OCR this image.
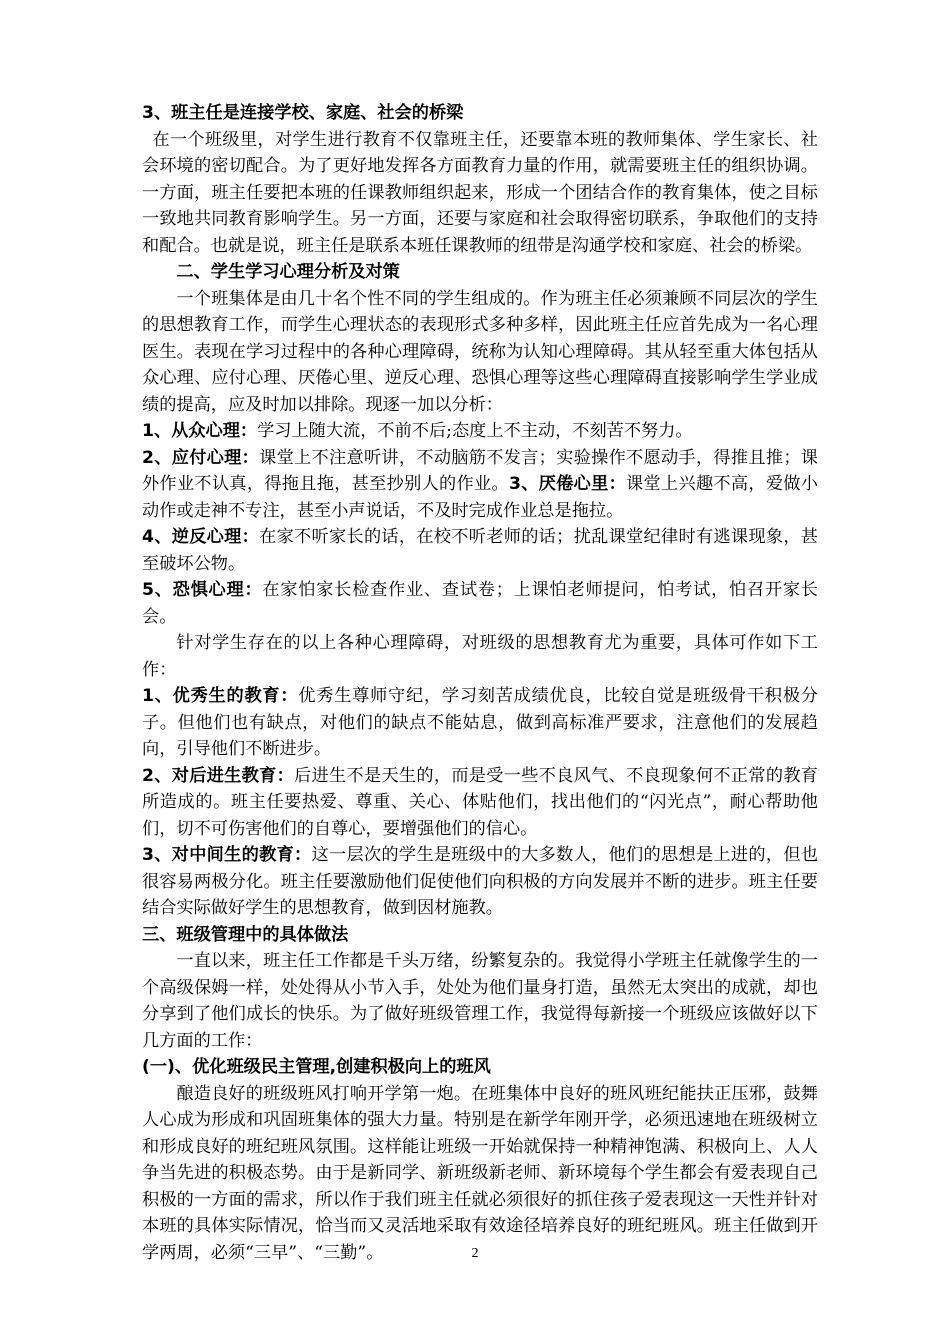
3、班主任是连接学校、家庭、社会的桥梁

在一个班级里，对学生进行教育不仅靠班主任，还要靠本班的教师集体、学生家长、社会环境的密切配合。为了更好地发挥各方面教育力量的作用，就需要班主任的组织协调。一方面，班主任要把本班的任课教师组织起来，形成一个团结合作的教育集体，使之目标一致地共同教育影响学生。另一方面，还要与家庭和社会取得密切联系，争取他们的支持和配合。也就是说，班主任是联系本班任课教师的纽带是沟通学校和家庭、社会的桥梁。

二、学生学习心理分析及对策

一个班集体是由几十名个性不同的学生组成的。作为班主任必须兼顾不同层次的学生的思想教育工作，而学生心理状态的表现形式多种多样，因此班主任应首先成为一名心理医生。表现在学习过程中的各种心理障碍，统称为认知心理障碍。其从轻至重大体包括从众心理、应付心理、厌倦心里、逆反心理、恐惧心理等这些心理障碍直接影响学生学业成绩的提高，应及时加以排除。现逐一加以分析：

1、从众心理：学习上随大流，不前不后;态度上不主动，不刻苦不努力。

2、应付心理：课堂上不注意听讲，不动脑筋不发言；实验操作不愿动手，得推且推；课外作业不认真，得拖且拖，甚至抄别人的作业。3、厌倦心里：课堂上兴趣不高，爱做小动作或走神不专注，甚至小声说话，不及时完成作业总是拖拉。

4、逆反心理：在家不听家长的话，在校不听老师的话；扰乱课堂纪律时有逃课现象，甚至破坏公物。

5、恐惧心理：在家怕家长检查作业、查试卷；上课怕老师提问，怕考试，怕召开家长会。

针对学生存在的以上各种心理障碍，对班级的思想教育尤为重要，具体可作如下工作：

1、优秀生的教育：优秀生尊师守纪，学习刻苦成绩优良，比较自觉是班级骨干积极分子。但他们也有缺点，对他们的缺点不能姑息，做到高标准严要求，注意他们的发展趋向，引导他们不断进步。

2、对后进生教育：后进生不是天生的，而是受一些不良风气、不良现象何不正常的教育所造成的。班主任要热爱、尊重、关心、体贴他们，找出他们的“闪光点”，耐心帮助他们，切不可伤害他们的自尊心，要增强他们的信心。

3、对中间生的教育：这一层次的学生是班级中的大多数人，他们的思想是上进的，但也很容易两极分化。班主任要激励他们促使他们向积极的方向发展并不断的进步。班主任要结合实际做好学生的思想教育，做到因材施教。

三、班级管理中的具体做法

一直以来，班主任工作都是千头万绪，纷繁复杂的。我觉得小学班主任就像学生的一个高级保姆一样，处处得从小节入手，处处为他们量身打造，虽然无太突出的成就，却也分享到了他们成长的快乐。为了做好班级管理工作，我觉得每新接一个班级应该做好以下几方面的工作：

(一)、优化班级民主管理,创建积极向上的班风

酿造良好的班级班风打响开学第一炮。在班集体中良好的班风班纪能扶正压邪，鼓舞人心成为形成和巩固班集体的强大力量。特别是在新学年刚开学，必须迅速地在班级树立和形成良好的班纪班风氛围。这样能让班级一开始就保持一种精神饱满、积极向上、人人争当先进的积极态势。由于是新同学、新班级新老师、新环境每个学生都会有爱表现自己积极的一方面的需求，所以作于我们班主任就必须很好的抓住孩子爱表现这一天性并针对本班的具体实际情况，恰当而又灵活地采取有效途径培养良好的班纪班风。班主任做到开学两周，必须“三早”、“三勤”。	2
